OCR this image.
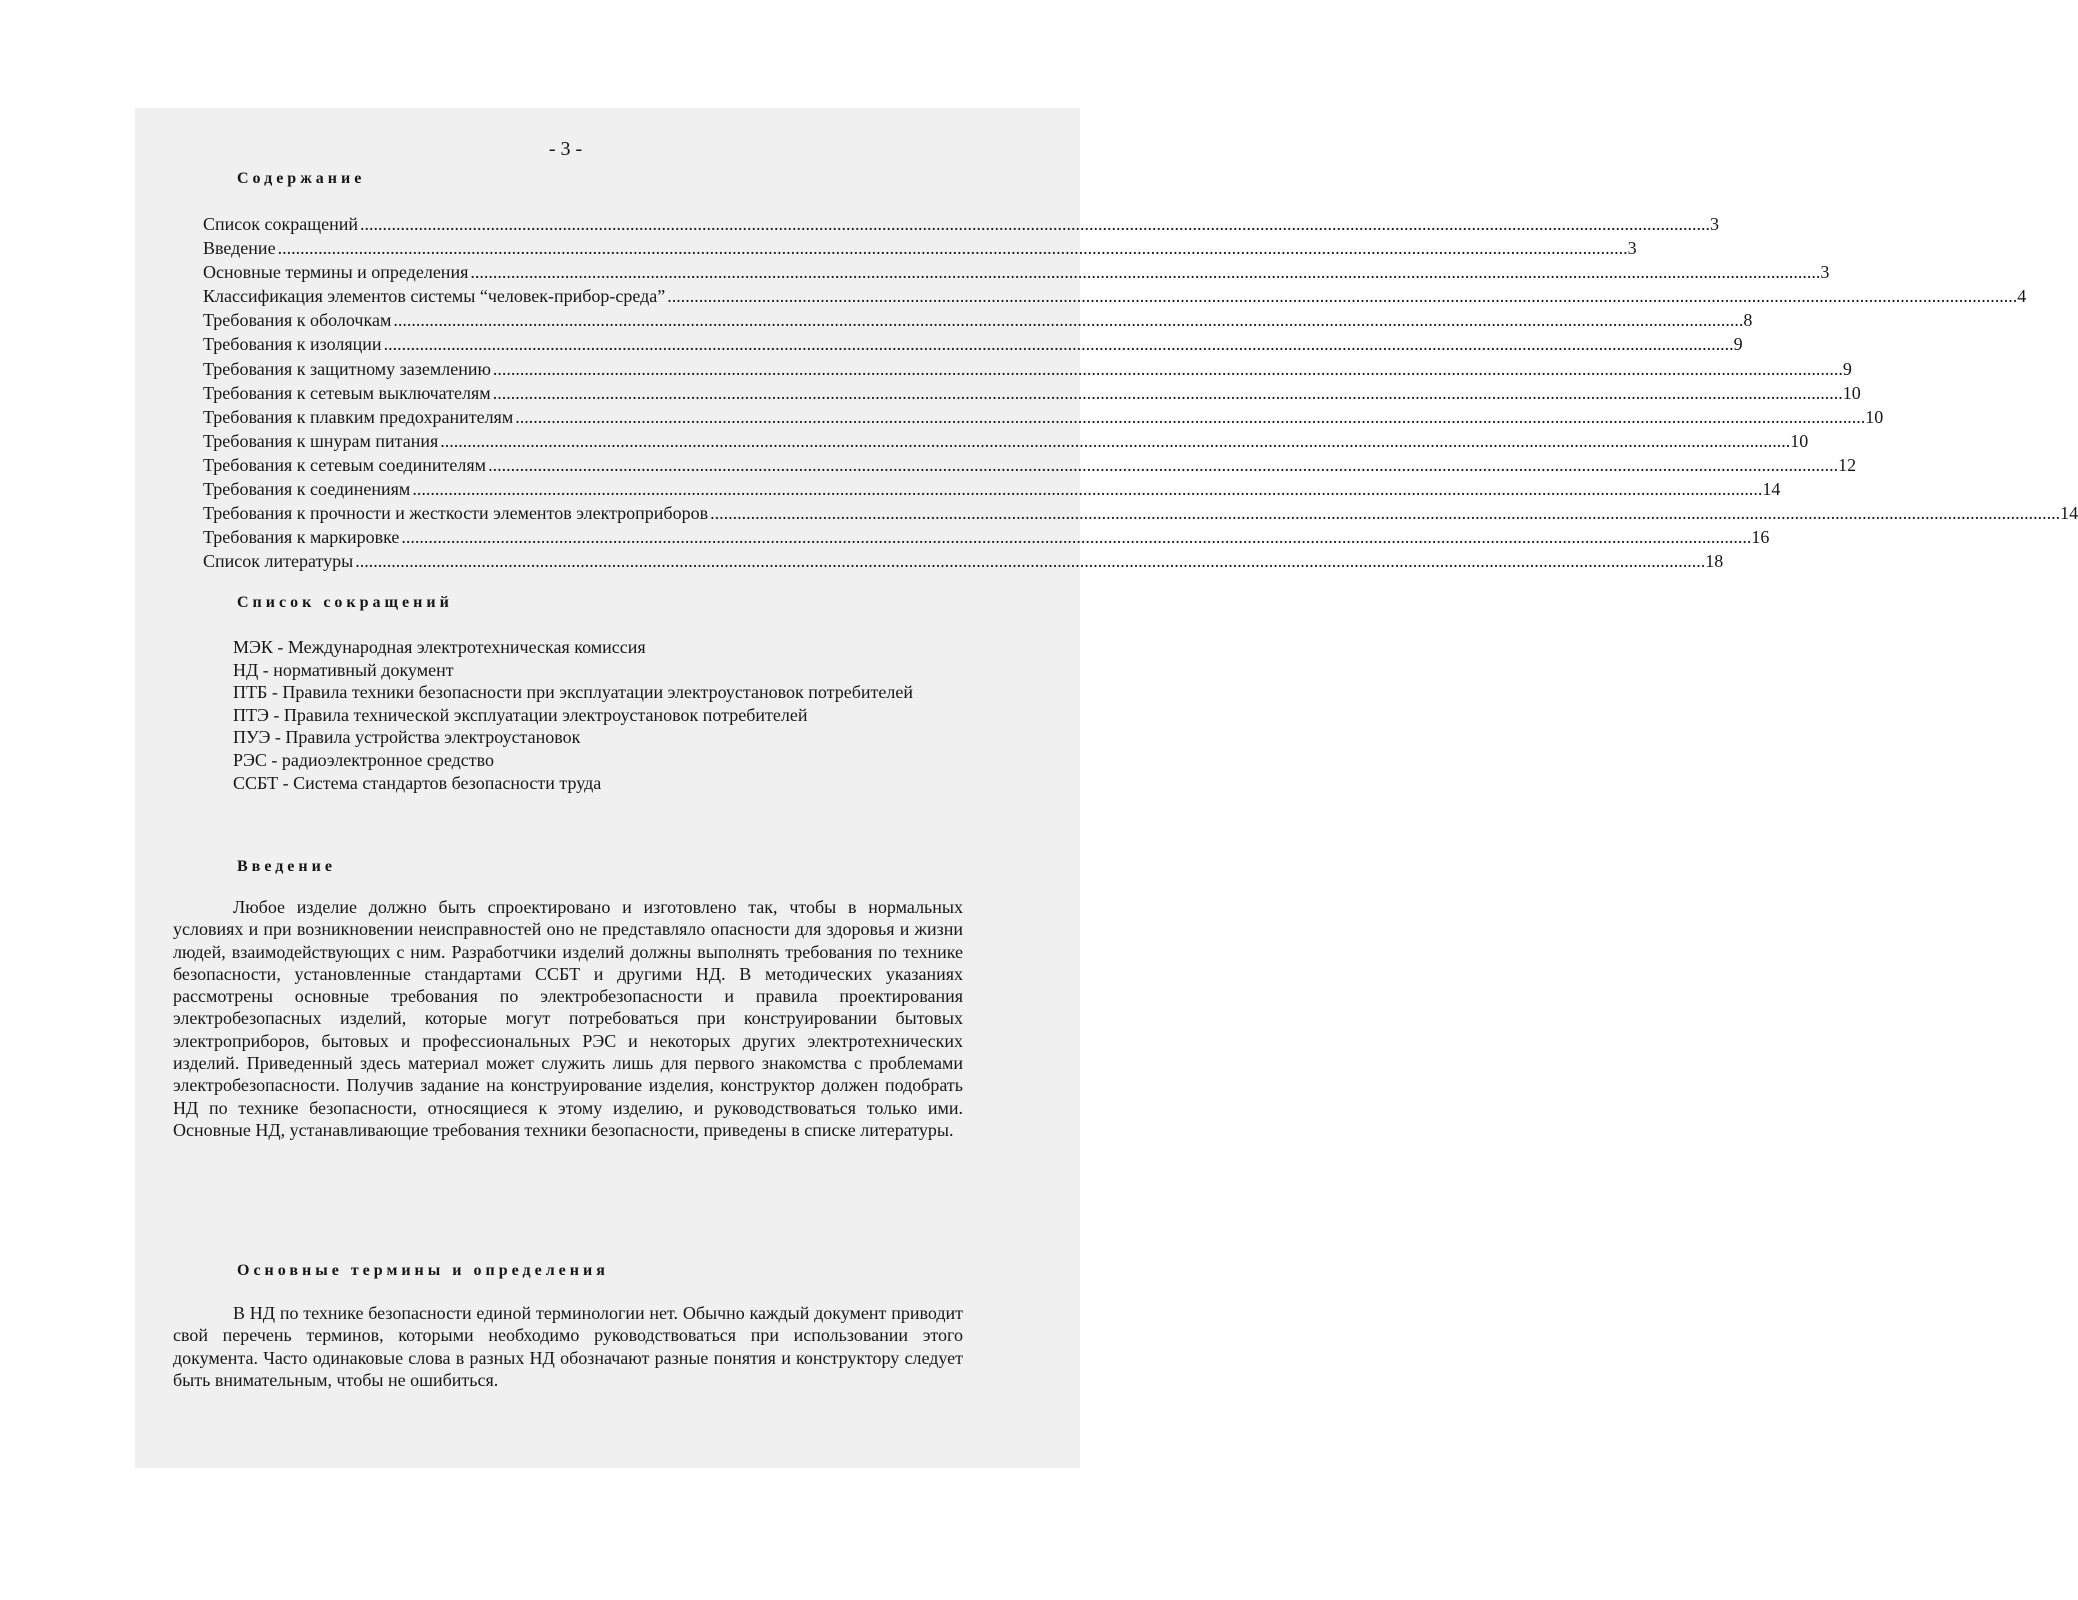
- 3 -
Содержание
Список сокращений ............................................................................................................................................................................................................................................................................................................ 3
Введение ............................................................................................................................................................................................................................................................................................................ 3
Основные термины и определения ............................................................................................................................................................................................................................................................................................................ 3
Классификация элементов системы “человек-прибор-среда” ............................................................................................................................................................................................................................................................................................................ 4
Требования к оболочкам ............................................................................................................................................................................................................................................................................................................ 8
Требования к изоляции ............................................................................................................................................................................................................................................................................................................ 9
Требования к защитному заземлению ............................................................................................................................................................................................................................................................................................................ 9
Требования к сетевым выключателям ............................................................................................................................................................................................................................................................................................................ 10
Требования к плавким предохранителям ............................................................................................................................................................................................................................................................................................................ 10
Требования к шнурам питания ............................................................................................................................................................................................................................................................................................................ 10
Требования к сетевым соединителям ............................................................................................................................................................................................................................................................................................................ 12
Требования к соединениям ............................................................................................................................................................................................................................................................................................................ 14
Требования к прочности и жесткости элементов электроприборов ............................................................................................................................................................................................................................................................................................................ 14
Требования к маркировке ............................................................................................................................................................................................................................................................................................................ 16
Список литературы ............................................................................................................................................................................................................................................................................................................ 18
Список сокращений
МЭК - Международная электротехническая комиссия
НД - нормативный документ
ПТБ - Правила техники безопасности при эксплуатации электроустановок потребителей
ПТЭ - Правила технической эксплуатации электроустановок потребителей
ПУЭ - Правила устройства электроустановок
РЭС - радиоэлектронное средство
ССБТ - Система стандартов безопасности труда
Введение

Любое изделие должно быть спроектировано и изготовлено так, чтобы в нормальных условиях и при возникновении неисправностей оно не представляло опасности для здоровья и жизни людей, взаимодействующих с ним. Разработчики изделий должны выполнять требования по технике безопасности, установленные стандартами ССБТ и другими НД. В методических указаниях рассмотрены основные требования по электробезопасности и правила проектирования электробезопасных изделий, которые могут потребоваться при конструировании бытовых электроприборов, бытовых и профессиональных РЭС и некоторых других электротехнических изделий. Приведенный здесь материал может служить лишь для первого знакомства с проблемами электробезопасности. Получив задание на конструирование изделия, конструктор должен подобрать НД по технике безопасности, относящиеся к этому изделию, и руководствоваться только ими. Основные НД, устанавливающие требования техники безопасности, приведены в списке литературы.

Основные термины и определения

В НД по технике безопасности единой терминологии нет. Обычно каждый документ приводит свой перечень терминов, которыми необходимо руководствоваться при использовании этого документа. Часто одинаковые слова в разных НД обозначают разные понятия и конструктору следует быть внимательным, чтобы не ошибиться.
